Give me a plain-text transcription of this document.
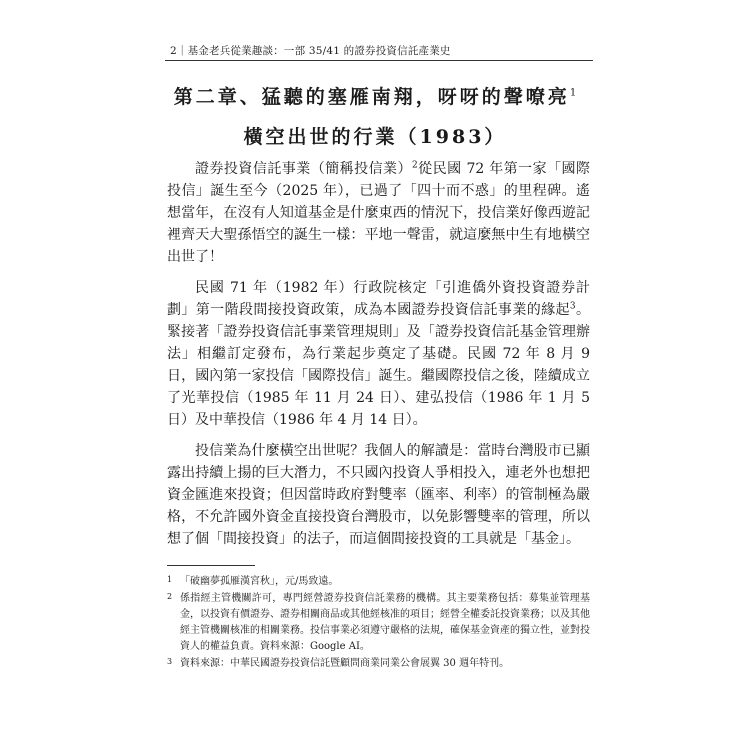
2｜基金老兵從業趣談：一部 35/41 的證券投資信託產業史
第二章、猛聽的塞雁南翔，呀呀的聲嘹亮$^1$
橫空出世的行業（1983）

證券投資信託事業（簡稱投信業）$^2$從民國 72 年第一家「國際投信」誕生至今（2025 年），已過了「四十而不惑」的里程碑。遙想當年，在沒有人知道基金是什麼東西的情況下，投信業好像西遊記裡齊天大聖孫悟空的誕生一樣：平地一聲雷，就這麼無中生有地橫空出世了！

民國 71 年（1982 年）行政院核定「引進僑外資投資證券計劃」第一階段間接投資政策，成為本國證券投資信託事業的緣起$^3$。緊接著「證券投資信託事業管理規則」及「證券投資信託基金管理辦法」相繼訂定發布，為行業起步奠定了基礎。民國 72 年 8 月 9 日，國內第一家投信「國際投信」誕生。繼國際投信之後，陸續成立了光華投信（1985 年 11 月 24 日）、建弘投信（1986 年 1 月 5 日）及中華投信（1986 年 4 月 14 日）。

投信業為什麼橫空出世呢？我個人的解讀是：當時台灣股市已顯露出持續上揚的巨大潛力，不只國內投資人爭相投入，連老外也想把資金匯進來投資；但因當時政府對雙率（匯率、利率）的管制極為嚴格，不允許國外資金直接投資台灣股市，以免影響雙率的管理，所以想了個「間接投資」的法子，而這個間接投資的工具就是「基金」。

1 「破幽夢孤雁漢宮秋」，元/馬致遠。
2 係指經主管機關許可，專門經營證券投資信託業務的機構。其主要業務包括：募集並管理基金，以投資有價證券、證券相關商品或其他經核准的項目；經營全權委託投資業務；以及其他經主管機關核准的相關業務。投信事業必須遵守嚴格的法規，確保基金資產的獨立性，並對投資人的權益負責。資料來源：Google AI。
3 資料來源：中華民國證券投資信託暨顧問商業同業公會展翼 30 週年特刊。
